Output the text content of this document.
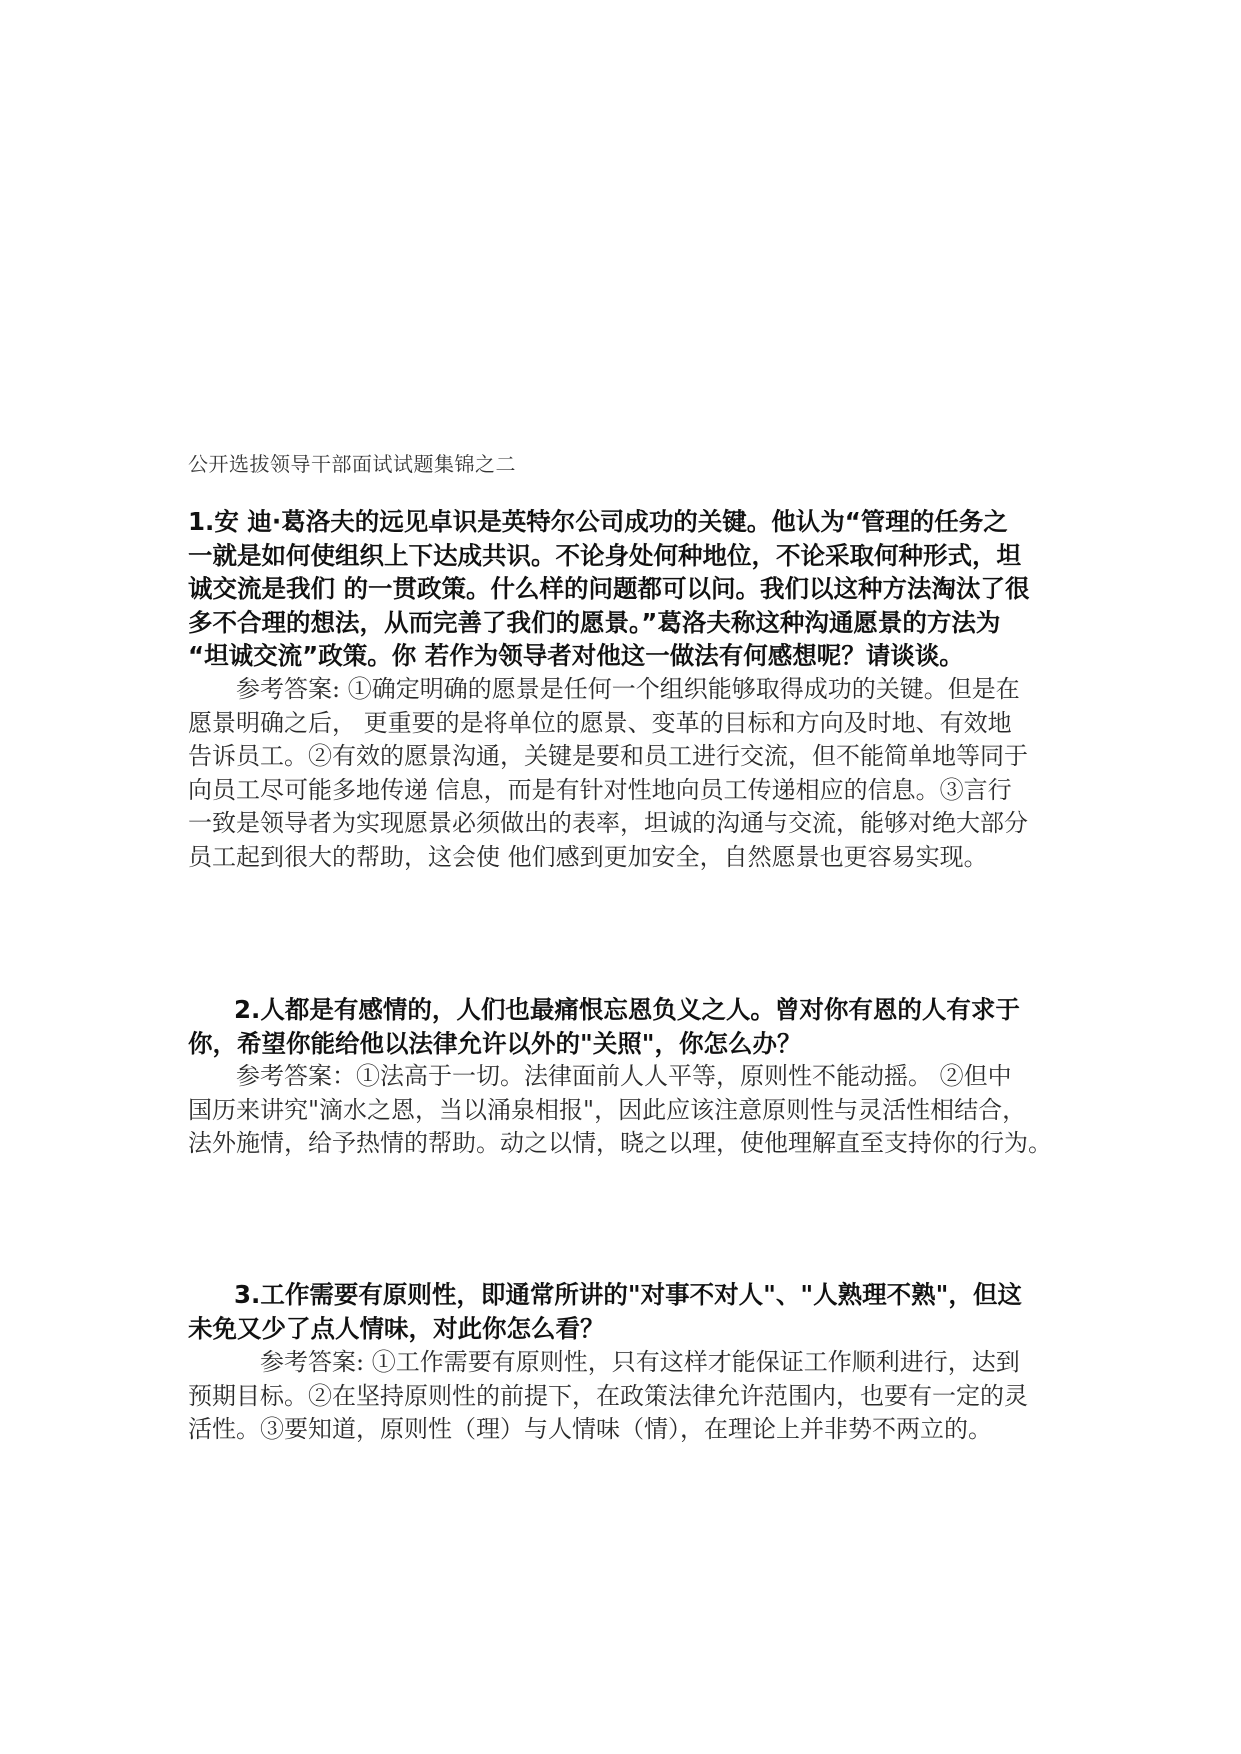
公开选拔领导干部面试试题集锦之二

1.安 迪·葛洛夫的远见卓识是英特尔公司成功的关键。他认为“管理的任务之
一就是如何使组织上下达成共识。不论身处何种地位，不论采取何种形式，坦
诚交流是我们 的一贯政策。什么样的问题都可以问。我们以这种方法淘汰了很
多不合理的想法，从而完善了我们的愿景。”葛洛夫称这种沟通愿景的方法为
“坦诚交流”政策。你 若作为领导者对他这一做法有何感想呢？请谈谈。

参考答案: ①确定明确的愿景是任何一个组织能够取得成功的关键。但是在
愿景明确之后， 更重要的是将单位的愿景、变革的目标和方向及时地、有效地
告诉员工。②有效的愿景沟通，关键是要和员工进行交流，但不能简单地等同于
向员工尽可能多地传递 信息，而是有针对性地向员工传递相应的信息。③言行
一致是领导者为实现愿景必须做出的表率，坦诚的沟通与交流，能够对绝大部分
员工起到很大的帮助，这会使 他们感到更加安全，自然愿景也更容易实现。

2.人都是有感情的，人们也最痛恨忘恩负义之人。曾对你有恩的人有求于
你，希望你能给他以法律允许以外的"关照"，你怎么办？

参考答案：①法高于一切。法律面前人人平等，原则性不能动摇。 ②但中
国历来讲究"滴水之恩，当以涌泉相报"，因此应该注意原则性与灵活性相结合，
法外施情，给予热情的帮助。动之以情，晓之以理，使他理解直至支持你的行为。

3.工作需要有原则性，即通常所讲的"对事不对人"、"人熟理不熟"，但这
未免又少了点人情味，对此你怎么看？

参考答案: ①工作需要有原则性，只有这样才能保证工作顺利进行，达到
预期目标。②在坚持原则性的前提下，在政策法律允许范围内，也要有一定的灵
活性。③要知道，原则性（理）与人情味（情），在理论上并非势不两立的。
